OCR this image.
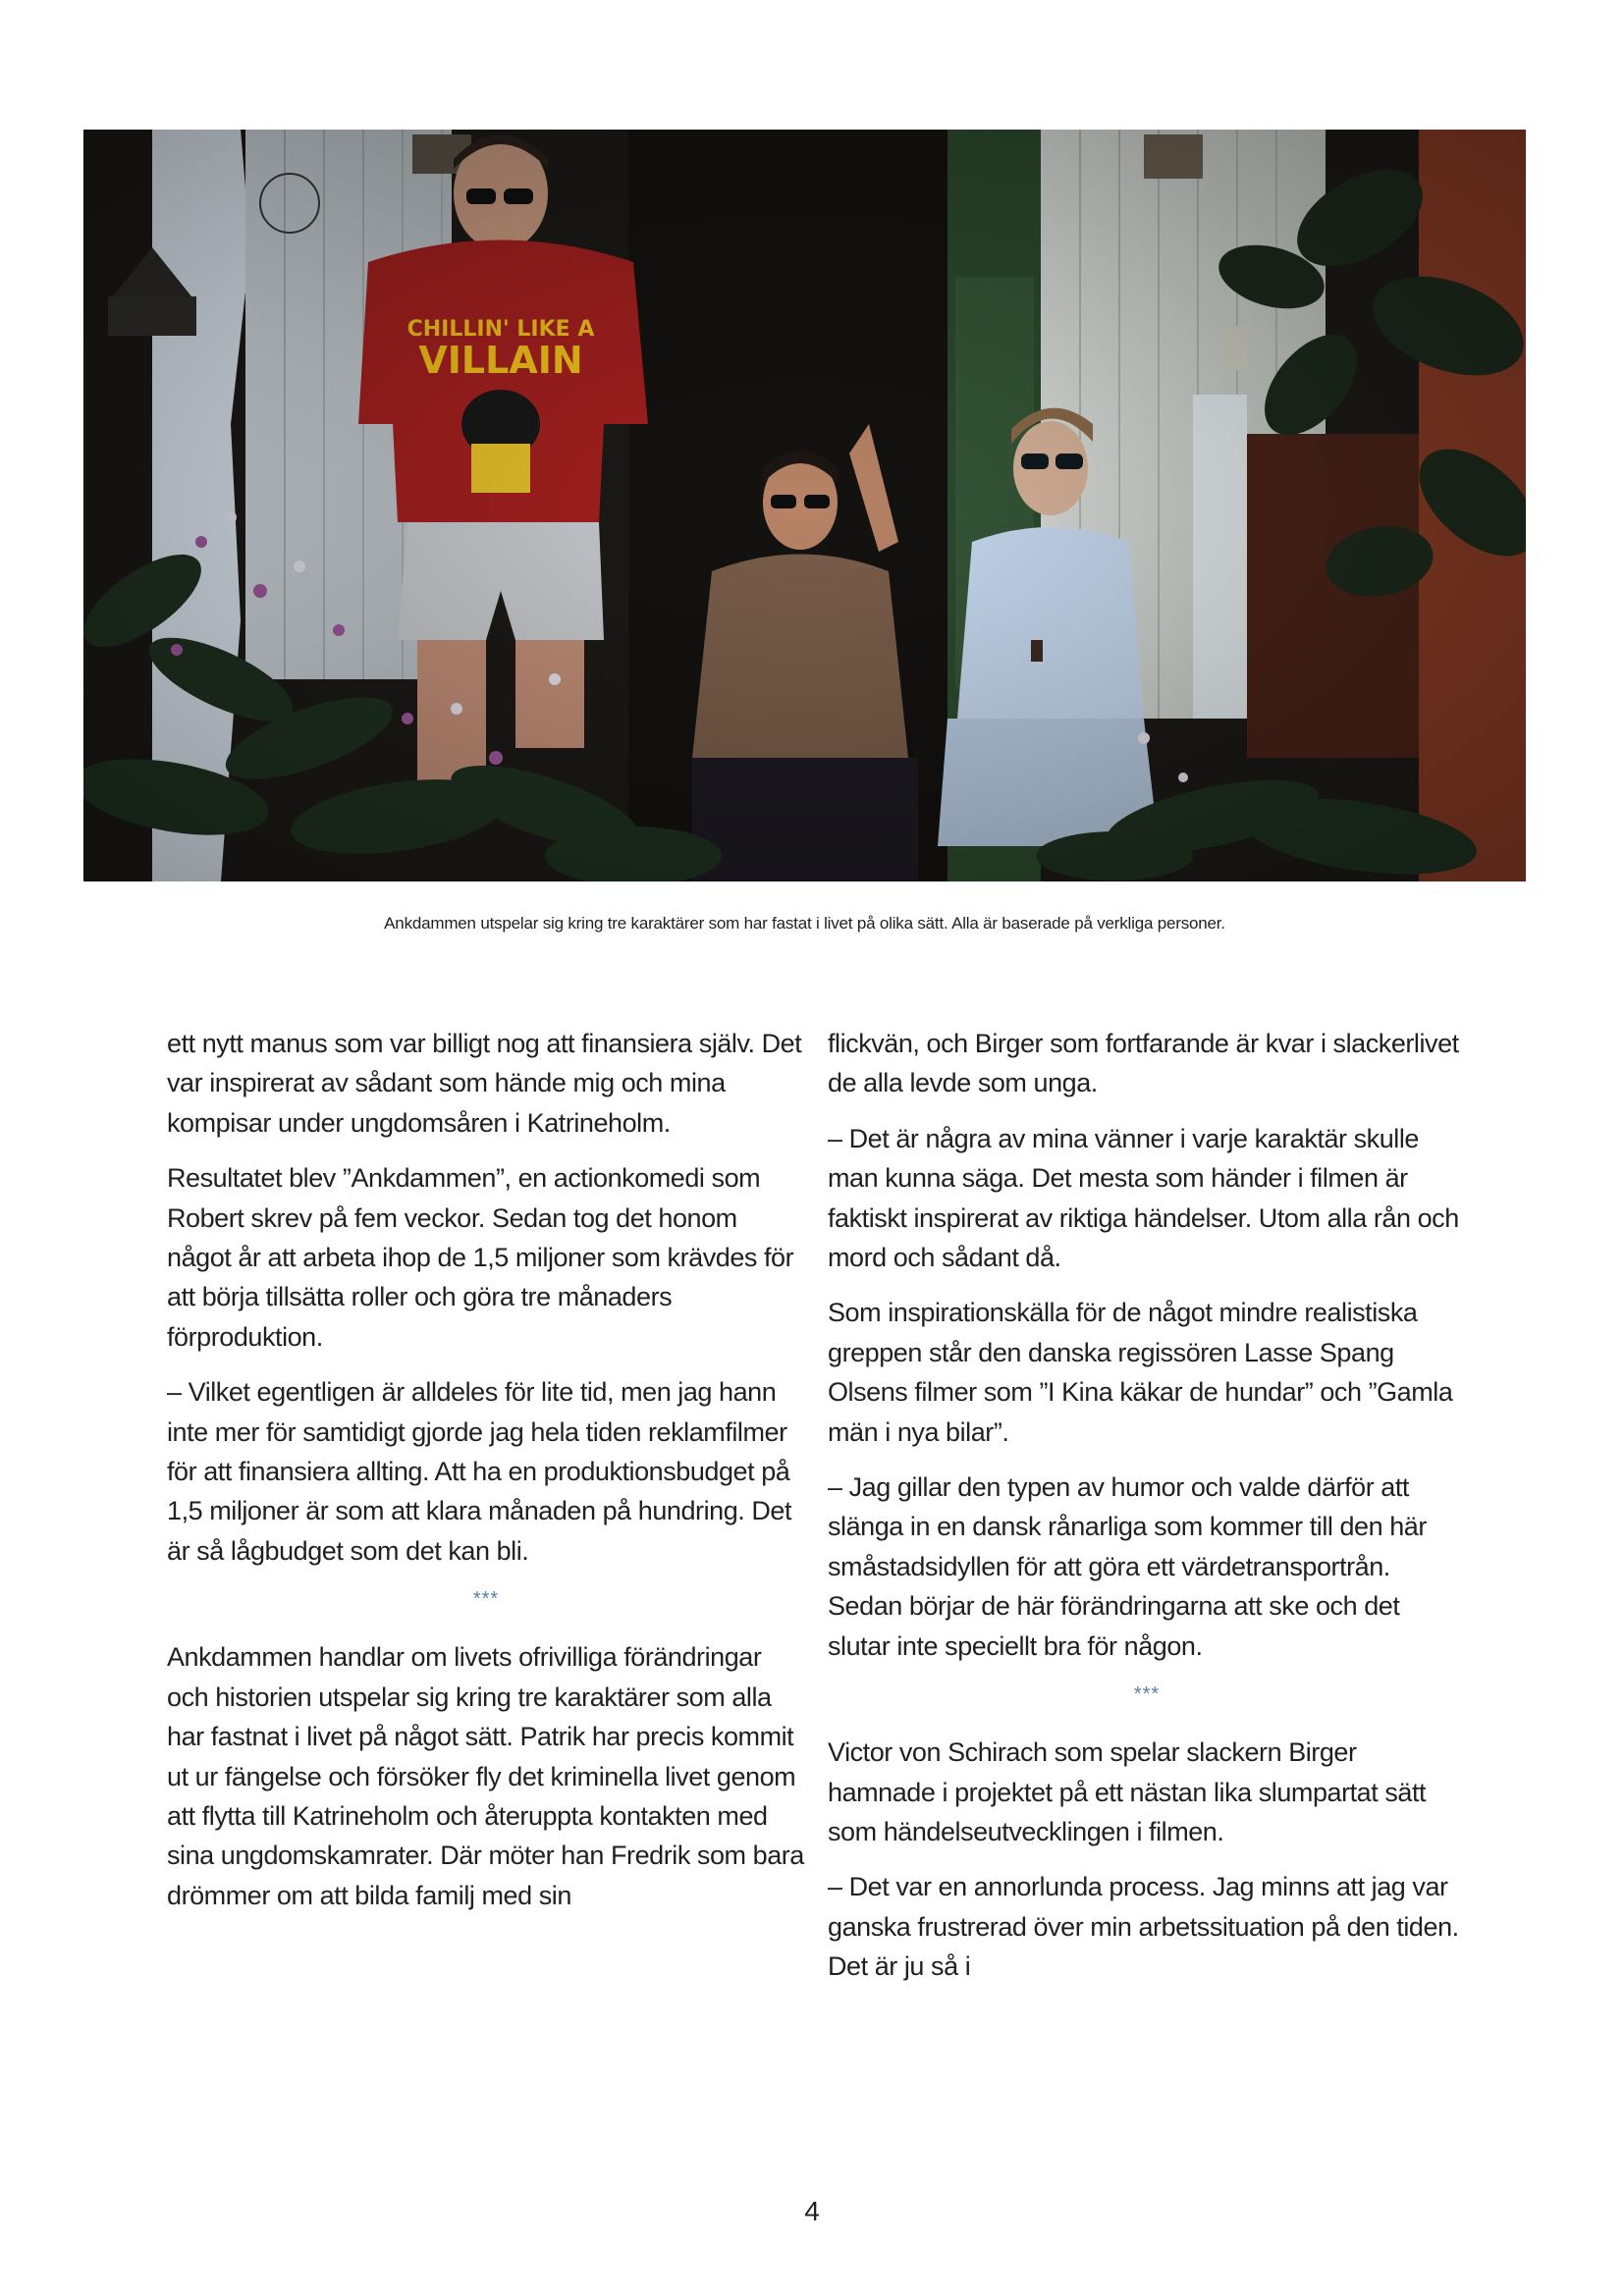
Ankdammen utspelar sig kring tre karaktärer som har fastat i livet på olika sätt. Alla är baserade på verkliga personer.

ett nytt manus som var billigt nog att finansiera själv. Det var inspirerat av sådant som hände mig och mina kompisar under ungdomsåren i Katrineholm.

Resultatet blev ”Ankdammen”, en actionkomedi som Robert skrev på fem veckor. Sedan tog det honom något år att arbeta ihop de 1,5 miljoner som krävdes för att börja tillsätta roller och göra tre månaders förproduktion.

– Vilket egentligen är alldeles för lite tid, men jag hann inte mer för samtidigt gjorde jag hela tiden reklamfilmer för att finansiera allting. Att ha en produktionsbudget på 1,5 miljoner är som att klara månaden på hundring. Det är så lågbudget som det kan bli.

***

Ankdammen handlar om livets ofrivilliga förändringar och historien utspelar sig kring tre karaktärer som alla har fastnat i livet på något sätt. Patrik har precis kommit ut ur fängelse och försöker fly det kriminella livet genom att flytta till Katrineholm och återuppta kontakten med sina ungdomskamrater. Där möter han Fredrik som bara drömmer om att bilda familj med sin

flickvän, och Birger som fortfarande är kvar i slackerlivet de alla levde som unga.

– Det är några av mina vänner i varje karaktär skulle man kunna säga. Det mesta som händer i filmen är faktiskt inspirerat av riktiga händelser. Utom alla rån och mord och sådant då.

Som inspirationskälla för de något mindre realistiska greppen står den danska regissören Lasse Spang Olsens filmer som ”I Kina käkar de hundar” och ”Gamla män i nya bilar”.

– Jag gillar den typen av humor och valde därför att slänga in en dansk rånarliga som kommer till den här småstadsidyllen för att göra ett värdetransportrån. Sedan börjar de här förändringarna att ske och det slutar inte speciellt bra för någon.

***

Victor von Schirach som spelar slackern Birger hamnade i projektet på ett nästan lika slumpartat sätt som händelseutvecklingen i filmen.

– Det var en annorlunda process. Jag minns att jag var ganska frustrerad över min arbetssituation på den tiden. Det är ju så i

4
